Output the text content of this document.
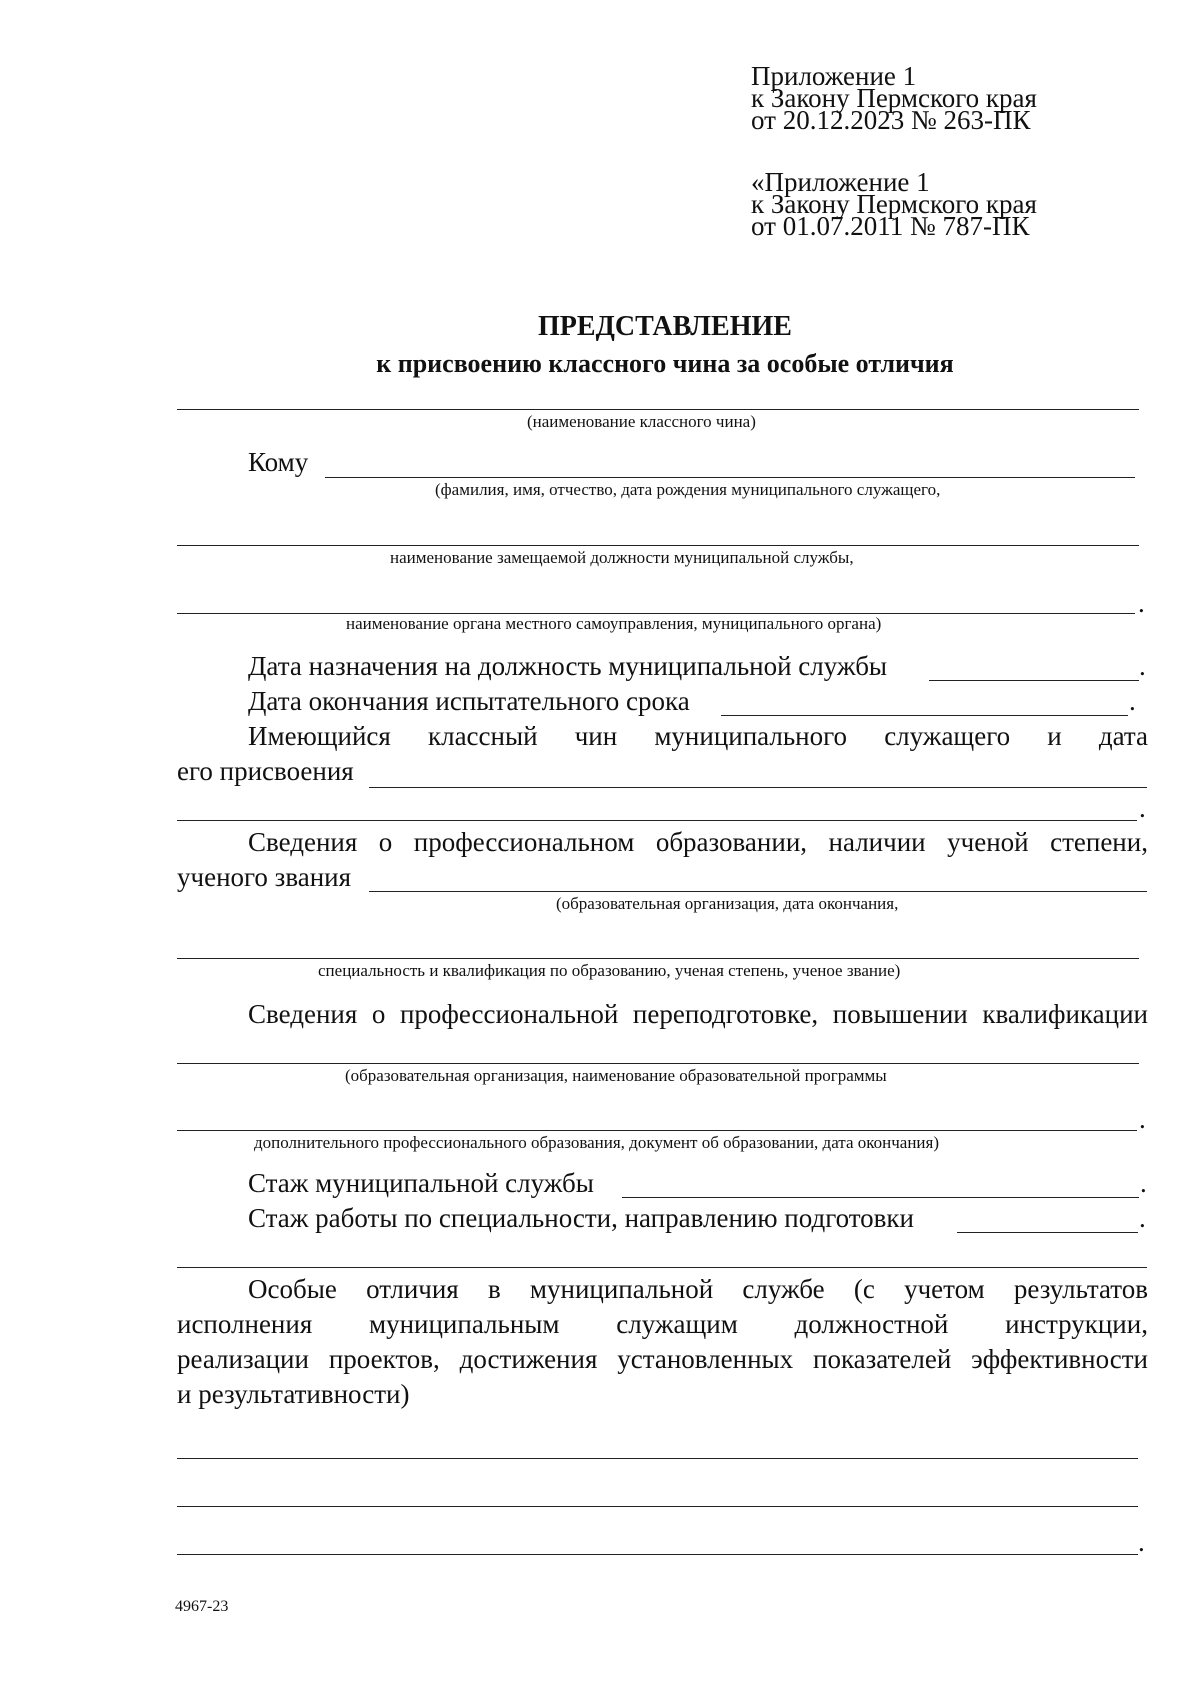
Приложение 1
к Закону Пермского края
от 20.12.2023 № 263-ПК
«Приложение 1
к Закону Пермского края
от 01.07.2011 № 787-ПК
ПРЕДСТАВЛЕНИЕ
к присвоению классного чина за особые отличия
(наименование классного чина)
Кому
(фамилия, имя, отчество, дата рождения муниципального служащего,
наименование замещаемой должности муниципальной службы,
.
наименование органа местного самоуправления, муниципального органа)
Дата назначения на должность муниципальной службы	.
Дата окончания испытательного срока	.
Имеющийся классный чин муниципального служащего и дата
его присвоения
.
Сведения о профессиональном образовании, наличии ученой степени,
ученого звания
(образовательная организация, дата окончания,
специальность и квалификация по образованию, ученая степень, ученое звание)
Сведения о профессиональной переподготовке, повышении квалификации
(образовательная организация, наименование образовательной программы
.
дополнительного профессионального образования, документ об образовании, дата окончания)
Стаж муниципальной службы	.
Стаж работы по специальности, направлению подготовки	.
Особые отличия в муниципальной службе (с учетом результатов
исполнения муниципальным служащим должностной инструкции,
реализации проектов, достижения установленных показателей эффективности
и результативности)
.
4967-23
